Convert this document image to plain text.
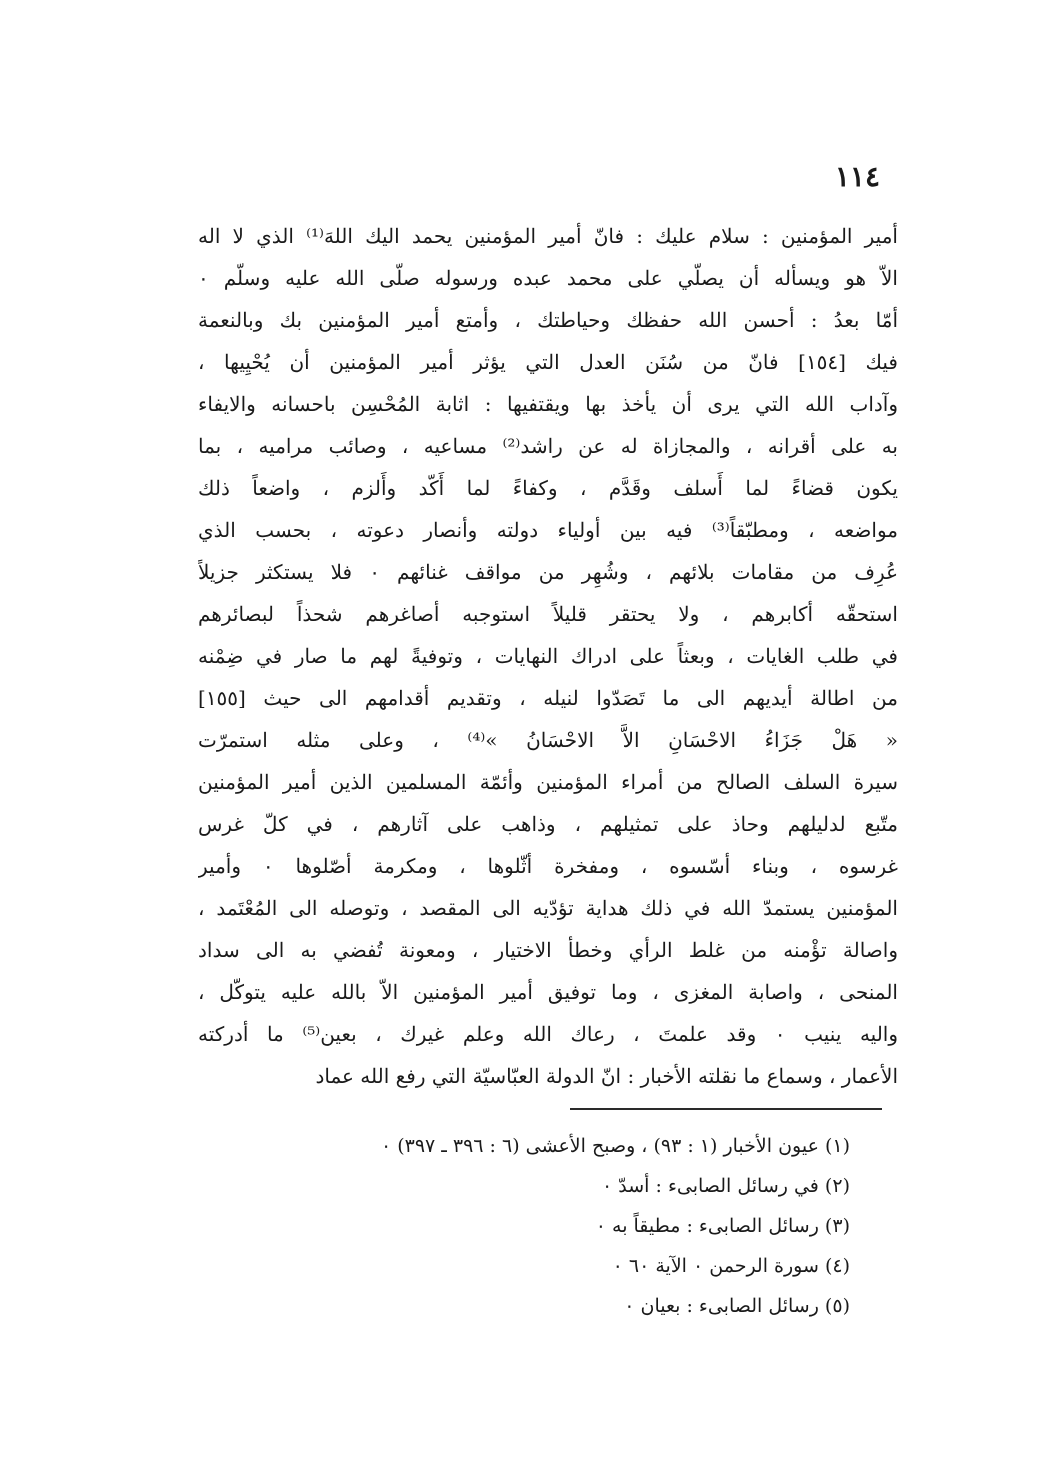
١١٤
أمير المؤمنين : سلام عليك : فانّ أمير المؤمنين يحمد اليك اللهَ⁽¹⁾ الذي لا اله
الاّ هو ويسأله أن يصلّي على محمد عبده ورسوله صلّى الله عليه وسلّم ٠
أمّا بعدُ : أحسن الله حفظك وحياطتك ، وأمتع أمير المؤمنين بك وبالنعمة
فيك [١٥٤] فانّ من سُنَن العدل التي يؤثر أمير المؤمنين أن يُحْيِيها ،
وآداب الله التي يرى أن يأخذ بها ويقتفيها : اثابة المُحْسِن باحسانه والايفاء
به على أقرانه ، والمجازاة له عن راشد⁽²⁾ مساعيه ، وصائب مراميه ، بما
يكون قضاءً لما أَسلف وقَدَّم ، وكفاءً لما أَكّد وأَلزم ، واضعاً ذلك
مواضعه ، ومطبّقاً⁽³⁾ فيه بين أولياء دولته وأنصار دعوته ، بحسب الذي
عُرِف من مقامات بلائهم ، وشُهِر من مواقف غنائهم ٠ فلا يستكثر جزيلاً
استحقّه أكابرهم ، ولا يحتقر قليلاً استوجبه أصاغرهم شحذاً لبصائرهم
في طلب الغايات ، وبعثاً على ادراك النهايات ، وتوفيةً لهم ما صار في ضِمْنه
من اطالة أيديهم الى ما تَصَدّوا لنيله ، وتقديم أقدامهم الى حيث [١٥٥]
« هَلْ جَزَاءُ الاحْسَانِ الاَّ الاحْسَانُ »⁽⁴⁾ ، وعلى مثله استمرّت
سيرة السلف الصالح من أمراء المؤمنين وأئمّة المسلمين الذين أمير المؤمنين
متّبع لدليلهم وحاذ على تمثيلهم ، وذاهب على آثارهم ، في كلّ غرس
غرسوه ، وبناء أسّسوه ، ومفخرة أثّلوها ، ومكرمة أصّلوها ٠ وأمير
المؤمنين يستمدّ الله في ذلك هداية تؤدّيه الى المقصد ، وتوصله الى المُعْتَمد ،
واصالة تؤْمنه من غلط الرأي وخطأ الاختيار ، ومعونة تُفضي به الى سداد
المنحى ، واصابة المغزى ، وما توفيق أمير المؤمنين الاّ بالله عليه يتوكّل ،
واليه ينيب ٠ وقد علمتَ ، رعاك الله وعلم غيرك ، بعين⁽⁵⁾ ما أدركته
الأعمار ، وسماع ما نقلته الأخبار : انّ الدولة العبّاسيّة التي رفع الله عماد
(١) عيون الأخبار (١ : ٩٣) ، وصبح الأعشى (٦ : ٣٩٦ ـ ٣٩٧) ٠
(٢) في رسائل الصابىء : أسدّ ٠
(٣) رسائل الصابىء : مطيقاً به ٠
(٤) سورة الرحمن ٠ الآية ٦٠ ٠
(٥) رسائل الصابىء : بعيان ٠
